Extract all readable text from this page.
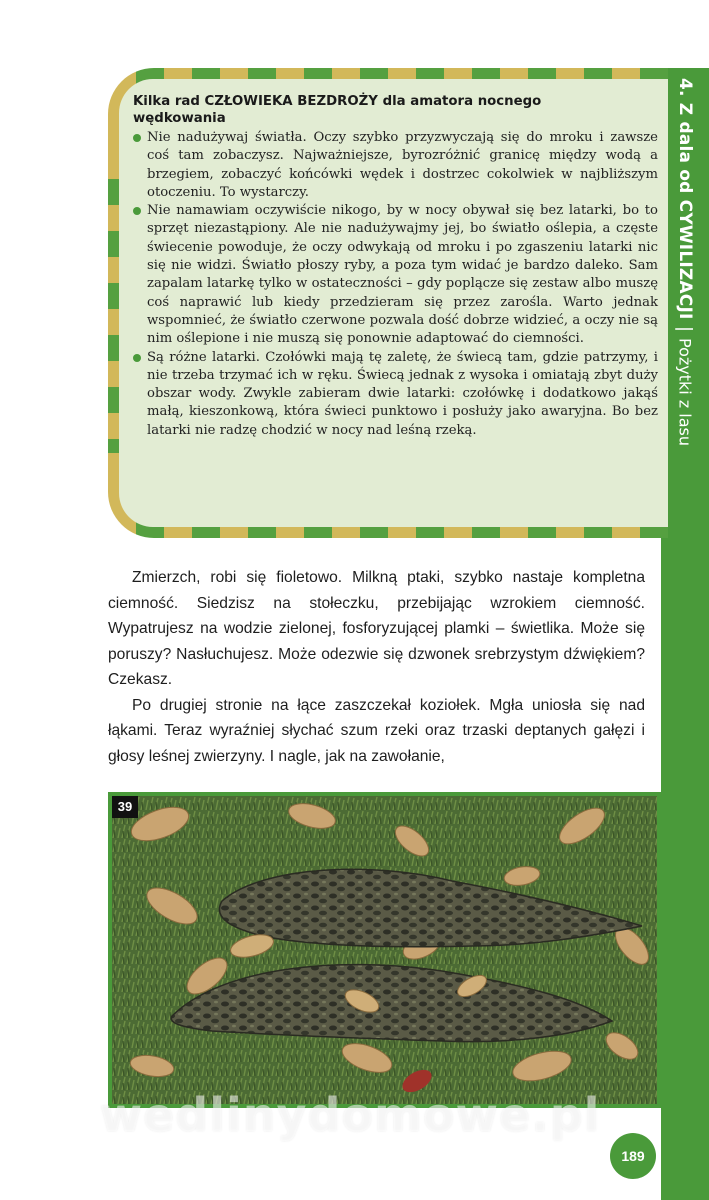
4. Z dala od CYWILIZACJI
|
Pożytki z lasu
Kilka rad CZŁOWIEKA BEZDROŻY dla amatora nocnego wędkowania
Nie nadużywaj światła. Oczy szybko przyzwyczają się do mroku i zawsze coś tam zobaczysz. Najważniejsze, byrozróżnić granicę między wodą a brzegiem, zobaczyć końcówki wędek i dostrzec cokolwiek w najbliższym otoczeniu. To wystarczy.
Nie namawiam oczywiście nikogo, by w nocy obywał się bez latarki, bo to sprzęt niezastąpiony. Ale nie nadużywajmy jej, bo światło oślepia, a częste świecenie powoduje, że oczy odwykają od mroku i po zgaszeniu latarki nic się nie widzi. Światło płoszy ryby, a poza tym widać je bardzo daleko. Sam zapalam latarkę tylko w ostateczności – gdy poplącze się zestaw albo muszę coś naprawić lub kiedy przedzieram się przez zarośla. Warto jednak wspomnieć, że światło czerwone pozwala dość dobrze widzieć, a oczy nie są nim oślepione i nie muszą się ponownie adaptować do ciemności.
Są różne latarki. Czołówki mają tę zaletę, że świecą tam, gdzie patrzymy, i nie trzeba trzymać ich w ręku. Świecą jednak z wysoka i omiatają zbyt duży obszar wody. Zwykle zabieram dwie latarki: czołówkę i dodatkowo jakąś małą, kieszonkową, która świeci punktowo i posłuży jako awaryjna. Bo bez latarki nie radzę chodzić w nocy nad leśną rzeką.

Zmierzch, robi się fioletowo. Milkną ptaki, szybko nastaje kompletna ciemność. Siedzisz na stołeczku, przebijając wzrokiem ciemność. Wypatrujesz na wodzie zielonej, fosforyzującej plamki – świetlika. Może się poruszy? Nasłuchujesz. Może odezwie się dzwonek srebrzystym dźwiękiem? Czekasz.

Po drugiej stronie na łące zaszczekał koziołek. Mgła uniosła się nad łąkami. Teraz wyraźniej słychać szum rzeki oraz trzaski deptanych gałęzi i głosy leśnej zwierzyny. I nagle, jak na zawołanie,

39
wedlinydomowe.pl
189
